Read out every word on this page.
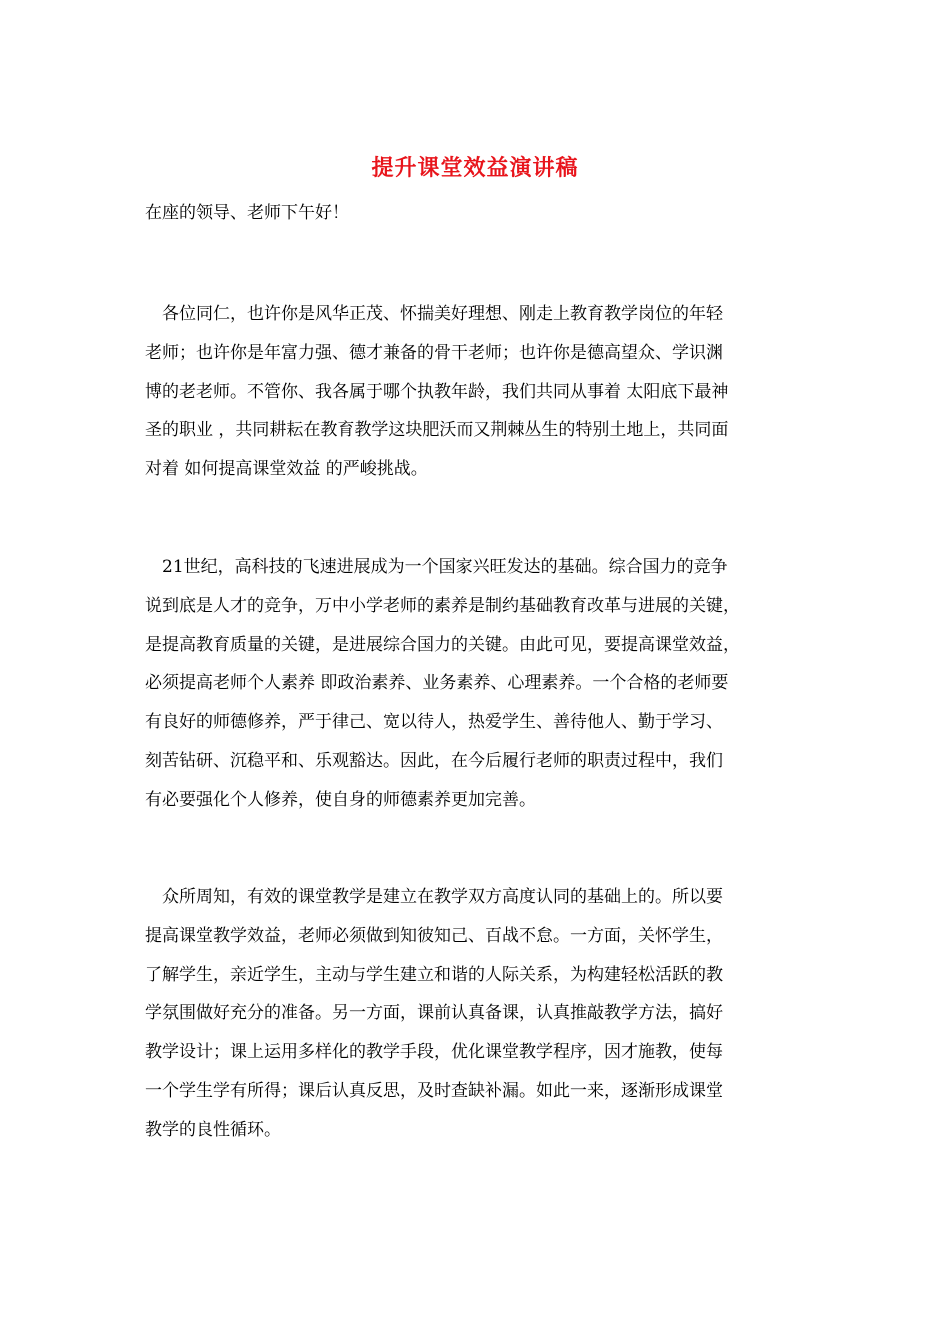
提升课堂效益演讲稿
在座的领导、老师下午好！
各位同仁，也许你是风华正茂、怀揣美好理想、刚走上教育教学岗位的年轻
老师；也许你是年富力强、德才兼备的骨干老师；也许你是德高望众、学识渊
博的老老师。不管你、我各属于哪个执教年龄，我们共同从事着 太阳底下最神
圣的职业 ，共同耕耘在教育教学这块肥沃而又荆棘丛生的特别土地上，共同面
对着 如何提高课堂效益 的严峻挑战。
21世纪，高科技的飞速进展成为一个国家兴旺发达的基础。综合国力的竞争
说到底是人才的竞争，万中小学老师的素养是制约基础教育改革与进展的关键，
是提高教育质量的关键，是进展综合国力的关键。由此可见，要提高课堂效益，
必须提高老师个人素养 即政治素养、业务素养、心理素养。一个合格的老师要
有良好的师德修养，严于律己、宽以待人，热爱学生、善待他人、勤于学习、
刻苦钻研、沉稳平和、乐观豁达。因此，在今后履行老师的职责过程中，我们
有必要强化个人修养，使自身的师德素养更加完善。
众所周知，有效的课堂教学是建立在教学双方高度认同的基础上的。所以要
提高课堂教学效益，老师必须做到知彼知己、百战不怠。一方面，关怀学生，
了解学生，亲近学生，主动与学生建立和谐的人际关系，为构建轻松活跃的教
学氛围做好充分的准备。另一方面，课前认真备课，认真推敲教学方法，搞好
教学设计；课上运用多样化的教学手段，优化课堂教学程序，因才施教，使每
一个学生学有所得；课后认真反思，及时查缺补漏。如此一来，逐渐形成课堂
教学的良性循环。
